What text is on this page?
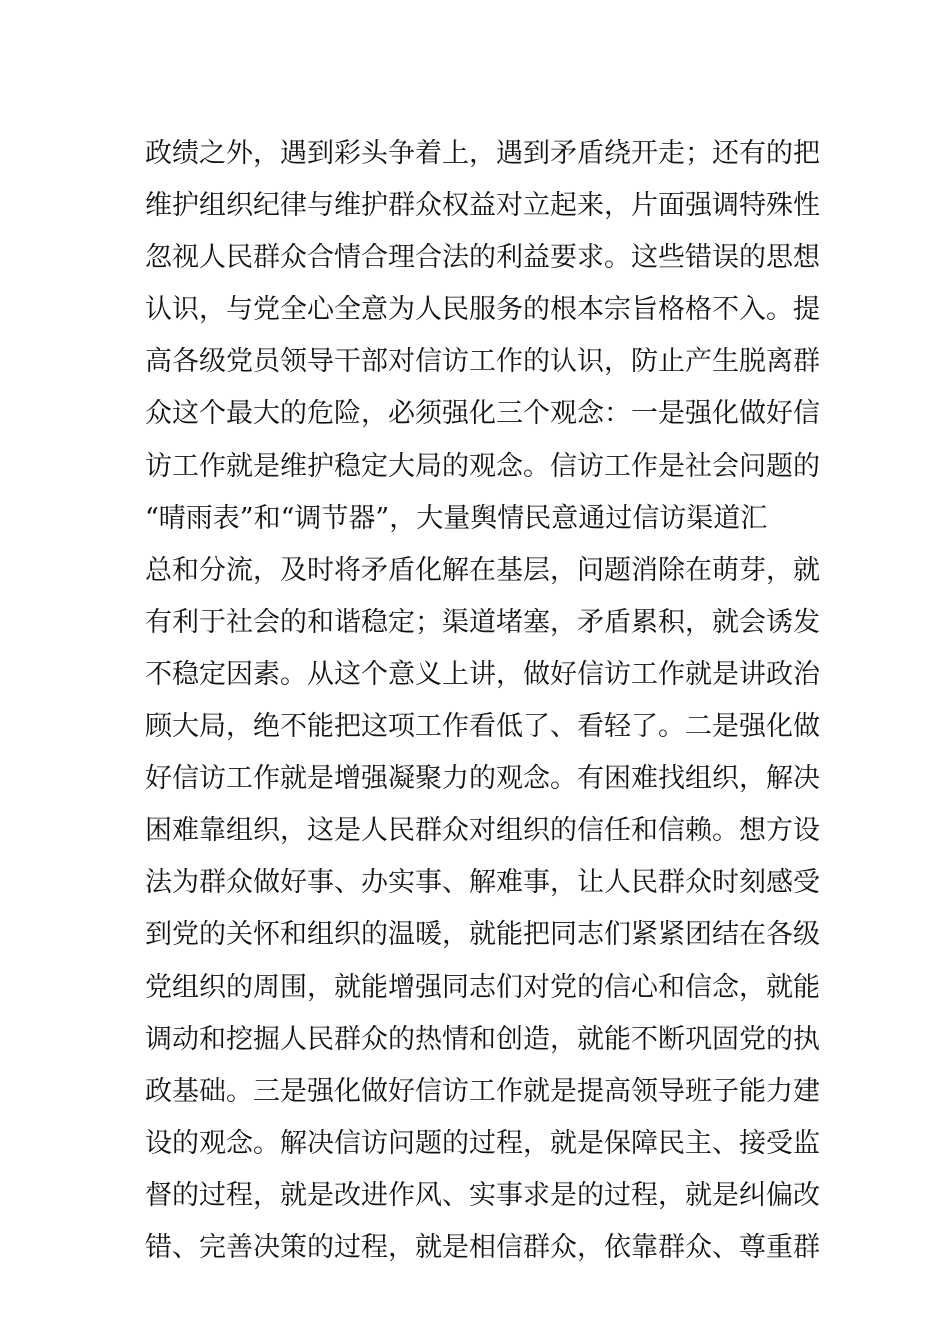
政绩之外，遇到彩头争着上，遇到矛盾绕开走；还有的把
维护组织纪律与维护群众权益对立起来，片面强调特殊性
忽视人民群众合情合理合法的利益要求。这些错误的思想
认识，与党全心全意为人民服务的根本宗旨格格不入。提
高各级党员领导干部对信访工作的认识，防止产生脱离群
众这个最大的危险，必须强化三个观念：一是强化做好信
访工作就是维护稳定大局的观念。信访工作是社会问题的
“晴雨表”和“调节器”，大量舆情民意通过信访渠道汇
总和分流，及时将矛盾化解在基层，问题消除在萌芽，就
有利于社会的和谐稳定；渠道堵塞，矛盾累积，就会诱发
不稳定因素。从这个意义上讲，做好信访工作就是讲政治
顾大局，绝不能把这项工作看低了、看轻了。二是强化做
好信访工作就是增强凝聚力的观念。有困难找组织，解决
困难靠组织，这是人民群众对组织的信任和信赖。想方设
法为群众做好事、办实事、解难事，让人民群众时刻感受
到党的关怀和组织的温暖，就能把同志们紧紧团结在各级
党组织的周围，就能增强同志们对党的信心和信念，就能
调动和挖掘人民群众的热情和创造，就能不断巩固党的执
政基础。三是强化做好信访工作就是提高领导班子能力建
设的观念。解决信访问题的过程，就是保障民主、接受监
督的过程，就是改进作风、实事求是的过程，就是纠偏改
错、完善决策的过程，就是相信群众，依靠群众、尊重群
